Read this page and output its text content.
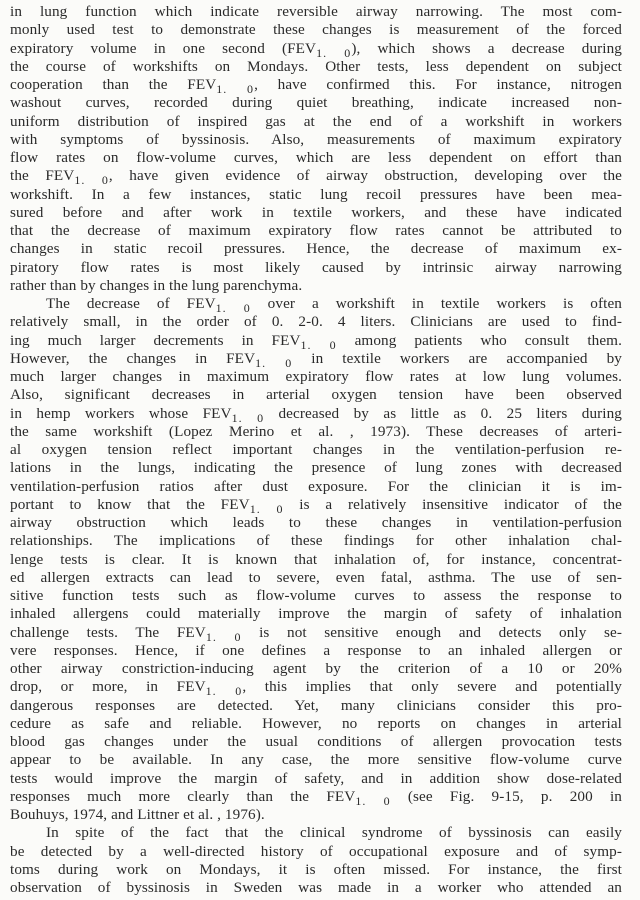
in lung function which indicate reversible airway narrowing. The most com-
monly used test to demonstrate these changes is measurement of the forced
expiratory volume in one second $(FEV_{1. 0})$, which shows a decrease during
the course of workshifts on Mondays. Other tests, less dependent on subject
cooperation than the $FEV_{1. 0}$, have confirmed this. For instance, nitrogen
washout curves, recorded during quiet breathing, indicate increased non-
uniform distribution of inspired gas at the end of a workshift in workers
with symptoms of byssinosis. Also, measurements of maximum expiratory
flow rates on flow-volume curves, which are less dependent on effort than
the $FEV_{1. 0}$, have given evidence of airway obstruction, developing over the
workshift. In a few instances, static lung recoil pressures have been mea-
sured before and after work in textile workers, and these have indicated
that the decrease of maximum expiratory flow rates cannot be attributed to
changes in static recoil pressures. Hence, the decrease of maximum ex-
piratory flow rates is most likely caused by intrinsic airway narrowing
rather than by changes in the lung parenchyma.
The decrease of $FEV_{1. 0}$ over a workshift in textile workers is often
relatively small, in the order of 0. 2-0. 4 liters. Clinicians are used to find-
ing much larger decrements in $FEV_{1. 0}$ among patients who consult them.
However, the changes in $FEV_{1. 0}$ in textile workers are accompanied by
much larger changes in maximum expiratory flow rates at low lung volumes.
Also, significant decreases in arterial oxygen tension have been observed
in hemp workers whose $FEV_{1. 0}$ decreased by as little as 0. 25 liters during
the same workshift (Lopez Merino et al. , 1973). These decreases of arteri-
al oxygen tension reflect important changes in the ventilation-perfusion re-
lations in the lungs, indicating the presence of lung zones with decreased
ventilation-perfusion ratios after dust exposure. For the clinician it is im-
portant to know that the $FEV_{1. 0}$ is a relatively insensitive indicator of the
airway obstruction which leads to these changes in ventilation-perfusion
relationships. The implications of these findings for other inhalation chal-
lenge tests is clear. It is known that inhalation of, for instance, concentrat-
ed allergen extracts can lead to severe, even fatal, asthma. The use of sen-
sitive function tests such as flow-volume curves to assess the response to
inhaled allergens could materially improve the margin of safety of inhalation
challenge tests. The $FEV_{1. 0}$ is not sensitive enough and detects only se-
vere responses. Hence, if one defines a response to an inhaled allergen or
other airway constriction-inducing agent by the criterion of a 10 or 20%
drop, or more, in $FEV_{1. 0}$, this implies that only severe and potentially
dangerous responses are detected. Yet, many clinicians consider this pro-
cedure as safe and reliable. However, no reports on changes in arterial
blood gas changes under the usual conditions of allergen provocation tests
appear to be available. In any case, the more sensitive flow-volume curve
tests would improve the margin of safety, and in addition show dose-related
responses much more clearly than the $FEV_{1. 0}$ (see Fig. 9-15, p. 200 in
Bouhuys, 1974, and Littner et al. , 1976).
In spite of the fact that the clinical syndrome of byssinosis can easily
be detected by a well-directed history of occupational exposure and of symp-
toms during work on Mondays, it is often missed. For instance, the first
observation of byssinosis in Sweden was made in a worker who attended an
